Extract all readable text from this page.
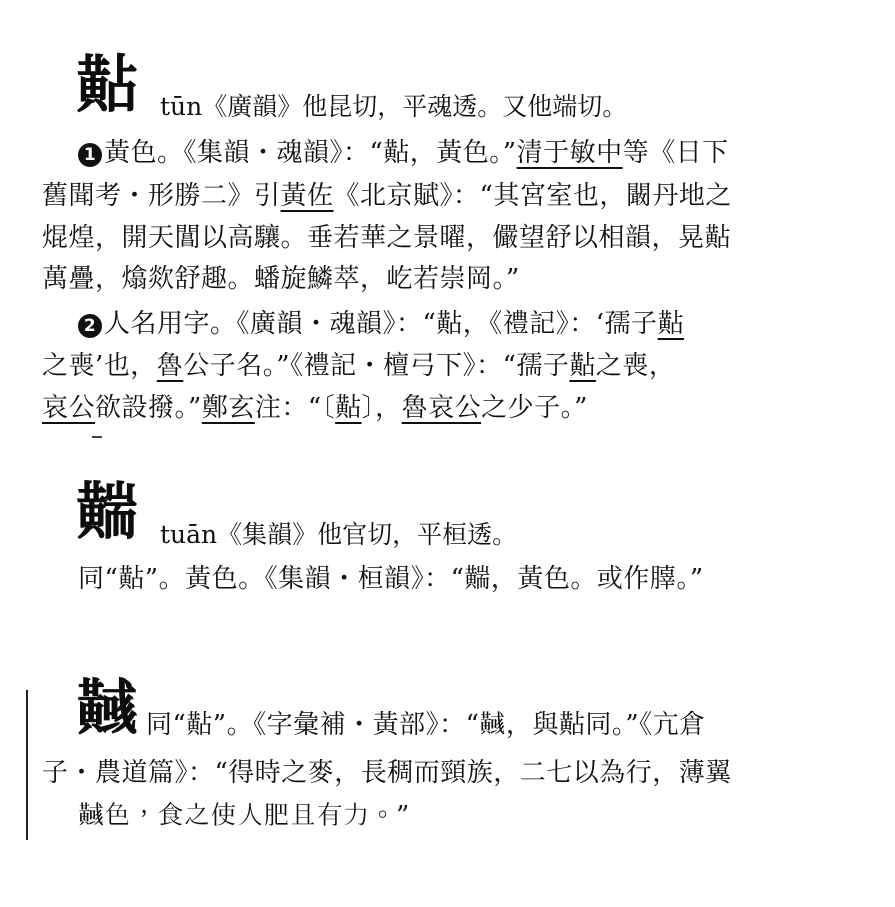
黇 tūn《廣韻》他昆切，平魂透。又他端切。
1 黃色。《集韻・魂韻》：“黇，黃色。”清于敏中等《日下
舊聞考・形勝二》引黃佐《北京賦》：“其宮室也，闞丹地之
焜煌，開天閶以高驤。垂若華之景曜，儼望舒以相韻，晃黇
萬疊，熻欻舒趣。蟠旋鱗萃，屹若崇岡。”
2 人名用字。《廣韻・魂韻》：“黇，《禮記》：‘孺子黇
之喪’也，魯公子名。”《禮記・檀弓下》：“孺子黇之喪，
哀公欲設撥。”鄭玄注：“〔黇〕，魯哀公之少子。”
䵎 tuān《集韻》他官切，平桓透。
同“黇”。黃色。《集韻・桓韻》：“䵎，黃色。或作䐻。”
𪏞 同“黇”。《字彙補・黃部》：“𪏞，與黇同。”《亢倉
子・農道篇》：“得時之麥，長稠而頸族，二七以為行，薄翼
𪏞色，食之使人肥且有力。”
